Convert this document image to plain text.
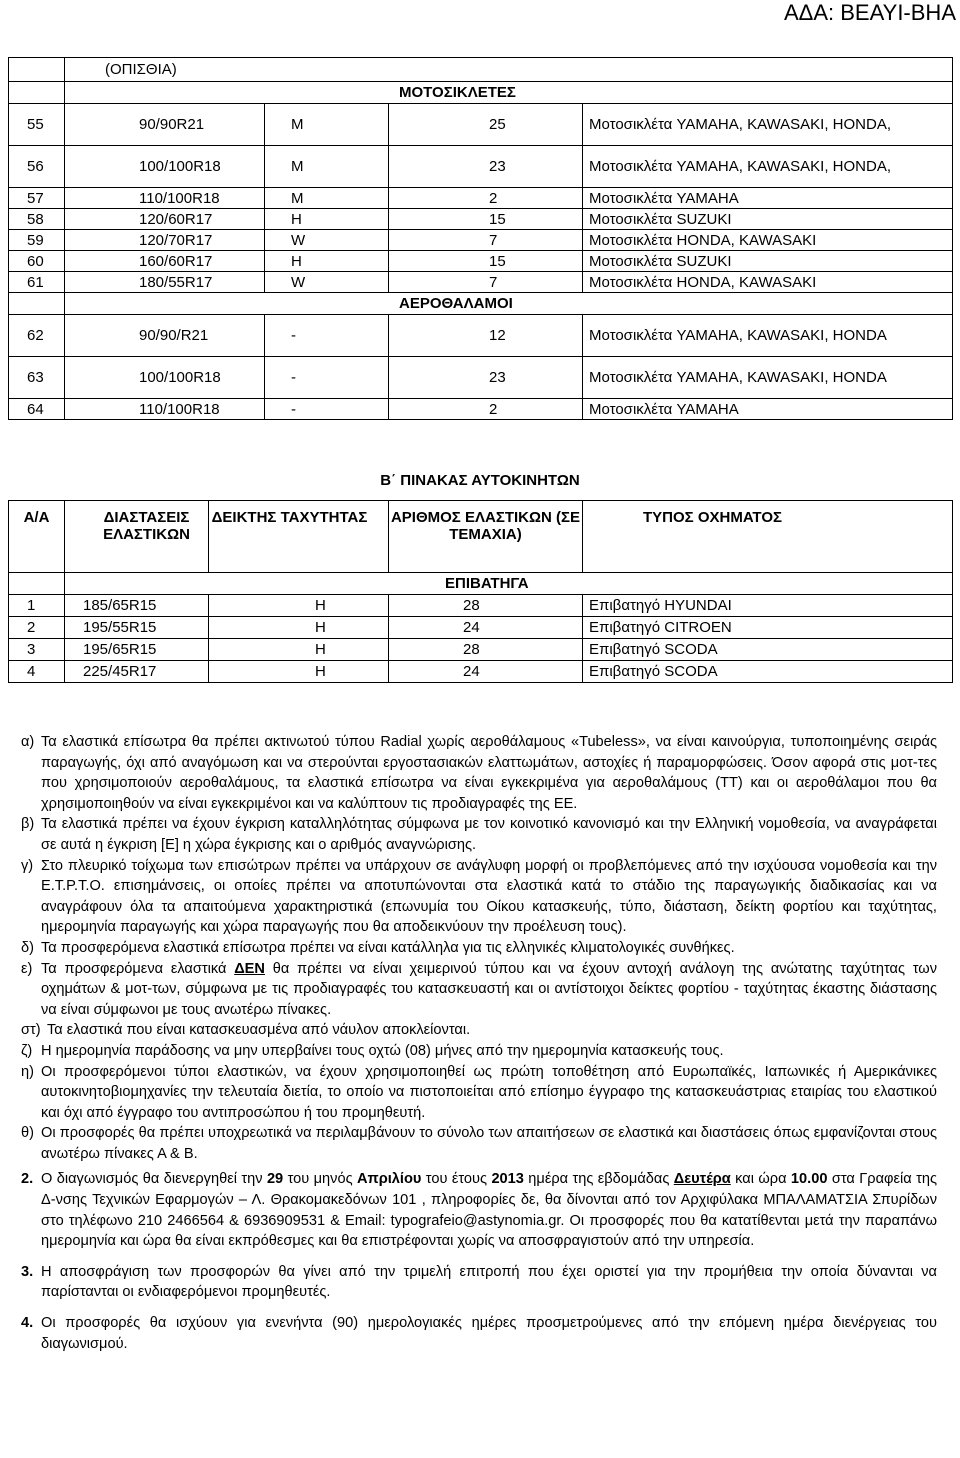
ΑΔΑ: ΒΕΑΥΙ-ΒΗΑ
	(ΟΠΙΣΘΙΑ)			
	ΜΟΤΟΣΙΚΛΕΤΕΣ			
55	90/90R21	M	25	Μοτοσικλέτα YAMAHA, KAWASAKI, HONDA,
56	100/100R18	M	23	Μοτοσικλέτα YAMAHA, KAWASAKI, HONDA,
57	110/100R18	M	2	Μοτοσικλέτα YAMAHA
58	120/60R17	H	15	Μοτοσικλέτα SUZUKI
59	120/70R17	W	7	Μοτοσικλέτα HONDA, KAWASAKI
60	160/60R17	H	15	Μοτοσικλέτα SUZUKI
61	180/55R17	W	7	Μοτοσικλέτα HONDA, KAWASAKI
	ΑΕΡΟΘΑΛΑΜΟΙ			
62	90/90/R21	-	12	Μοτοσικλέτα YAMAHA, KAWASAKI, HONDA
63	100/100R18	-	23	Μοτοσικλέτα YAMAHA, KAWASAKI, HONDA
64	110/100R18	-	2	Μοτοσικλέτα YAMAHA
Β΄ ΠΙΝΑΚΑΣ ΑΥΤΟΚΙΝΗΤΩΝ
Α/Α	ΔΙΑΣΤΑΣΕΙΣ ΕΛΑΣΤΙΚΩΝ	ΔΕΙΚΤΗΣ ΤΑΧΥΤΗΤΑΣ	ΑΡΙΘΜΟΣ ΕΛΑΣΤΙΚΩΝ (ΣΕ ΤΕΜΑΧΙΑ)	ΤΥΠΟΣ ΟΧΗΜΑΤΟΣ
	ΕΠΙΒΑΤΗΓΑ			
1	185/65R15	H	28	Επιβατηγό HYUNDAI
2	195/55R15	H	24	Επιβατηγό CITROEN
3	195/65R15	H	28	Επιβατηγό SCODA
4	225/45R17	H	24	Επιβατηγό SCODA
α) Τα ελαστικά επίσωτρα θα πρέπει ακτινωτού τύπου Radial χωρίς αεροθάλαμους «Tubeless», να είναι καινούργια, τυποποιημένης σειράς παραγωγής, όχι από αναγόμωση και να στερούνται εργοστασιακών ελαττωμάτων, αστοχίες ή παραμορφώσεις. Όσον αφορά στις μοτ-τες που χρησιμοποιούν αεροθαλάμους, τα ελαστικά επίσωτρα να είναι εγκεκριμένα για αεροθαλάμους (TT) και οι αεροθάλαμοι που θα χρησιμοποιηθούν να είναι εγκεκριμένοι και να καλύπτουν τις προδιαγραφές της ΕΕ.
β) Τα ελαστικά πρέπει να έχουν έγκριση καταλληλότητας σύμφωνα με τον κοινοτικό κανονισμό και την Ελληνική νομοθεσία, να αναγράφεται σε αυτά η έγκριση [E] η χώρα έγκρισης και ο αριθμός αναγνώρισης.
γ) Στο πλευρικό τοίχωμα των επισώτρων πρέπει να υπάρχουν σε ανάγλυφη μορφή οι προβλεπόμενες από την ισχύουσα νομοθεσία και την Ε.Τ.Ρ.Τ.Ο. επισημάνσεις, οι οποίες πρέπει να αποτυπώνονται στα ελαστικά κατά το στάδιο της παραγωγικής διαδικασίας και να αναγράφουν όλα τα απαιτούμενα χαρακτηριστικά (επωνυμία του Οίκου κατασκευής, τύπο, διάσταση, δείκτη φορτίου και ταχύτητας, ημερομηνία παραγωγής και χώρα παραγωγής που θα αποδεικνύουν την προέλευση τους).
δ) Τα προσφερόμενα ελαστικά επίσωτρα πρέπει να είναι κατάλληλα για τις ελληνικές κλιματολογικές συνθήκες.
ε) Τα προσφερόμενα ελαστικά ΔΕΝ θα πρέπει να είναι χειμερινού τύπου και να έχουν αντοχή ανάλογη της ανώτατης ταχύτητας των οχημάτων & μοτ-των, σύμφωνα με τις προδιαγραφές του κατασκευαστή και οι αντίστοιχοι δείκτες φορτίου - ταχύτητας έκαστης διάστασης να είναι σύμφωνοι με τους ανωτέρω πίνακες.
στ) Τα ελαστικά που είναι κατασκευασμένα από νάυλον αποκλείονται.
ζ) Η ημερομηνία παράδοσης να μην υπερβαίνει τους οχτώ (08) μήνες από την ημερομηνία κατασκευής τους.
η) Οι προσφερόμενοι τύποι ελαστικών, να έχουν χρησιμοποιηθεί ως πρώτη τοποθέτηση από Ευρωπαϊκές, Ιαπωνικές ή Αμερικάνικες αυτοκινητοβιομηχανίες την τελευταία διετία, το οποίο να πιστοποιείται από επίσημο έγγραφο της κατασκευάστριας εταιρίας του ελαστικού και όχι από έγγραφο του αντιπροσώπου ή του προμηθευτή.
θ) Οι προσφορές θα πρέπει υποχρεωτικά να περιλαμβάνουν το σύνολο των απαιτήσεων σε ελαστικά και διαστάσεις όπως εμφανίζονται στους ανωτέρω πίνακες Α & Β.
2. Ο διαγωνισμός θα διενεργηθεί την 29 του μηνός Απριλίου του έτους 2013 ημέρα της εβδομάδας Δευτέρα και ώρα 10.00 στα Γραφεία της Δ-νσης Τεχνικών Εφαρμογών – Λ. Θρακομακεδόνων 101 , πληροφορίες δε, θα δίνονται από τον Αρχιφύλακα ΜΠΑΛΑΜΑΤΣΙΑ Σπυρίδων στο τηλέφωνο 210 2466564 & 6936909531 & Email: typografeio@astynomia.gr. Οι προσφορές που θα κατατίθενται μετά την παραπάνω ημερομηνία και ώρα θα είναι εκπρόθεσμες και θα επιστρέφονται χωρίς να αποσφραγιστούν από την υπηρεσία.
3. Η αποσφράγιση των προσφορών θα γίνει από την τριμελή επιτροπή που έχει οριστεί για την προμήθεια την οποία δύνανται να παρίστανται οι ενδιαφερόμενοι προμηθευτές.
4. Οι προσφορές θα ισχύουν για ενενήντα (90) ημερολογιακές ημέρες προσμετρούμενες από την επόμενη ημέρα διενέργειας του διαγωνισμού.
